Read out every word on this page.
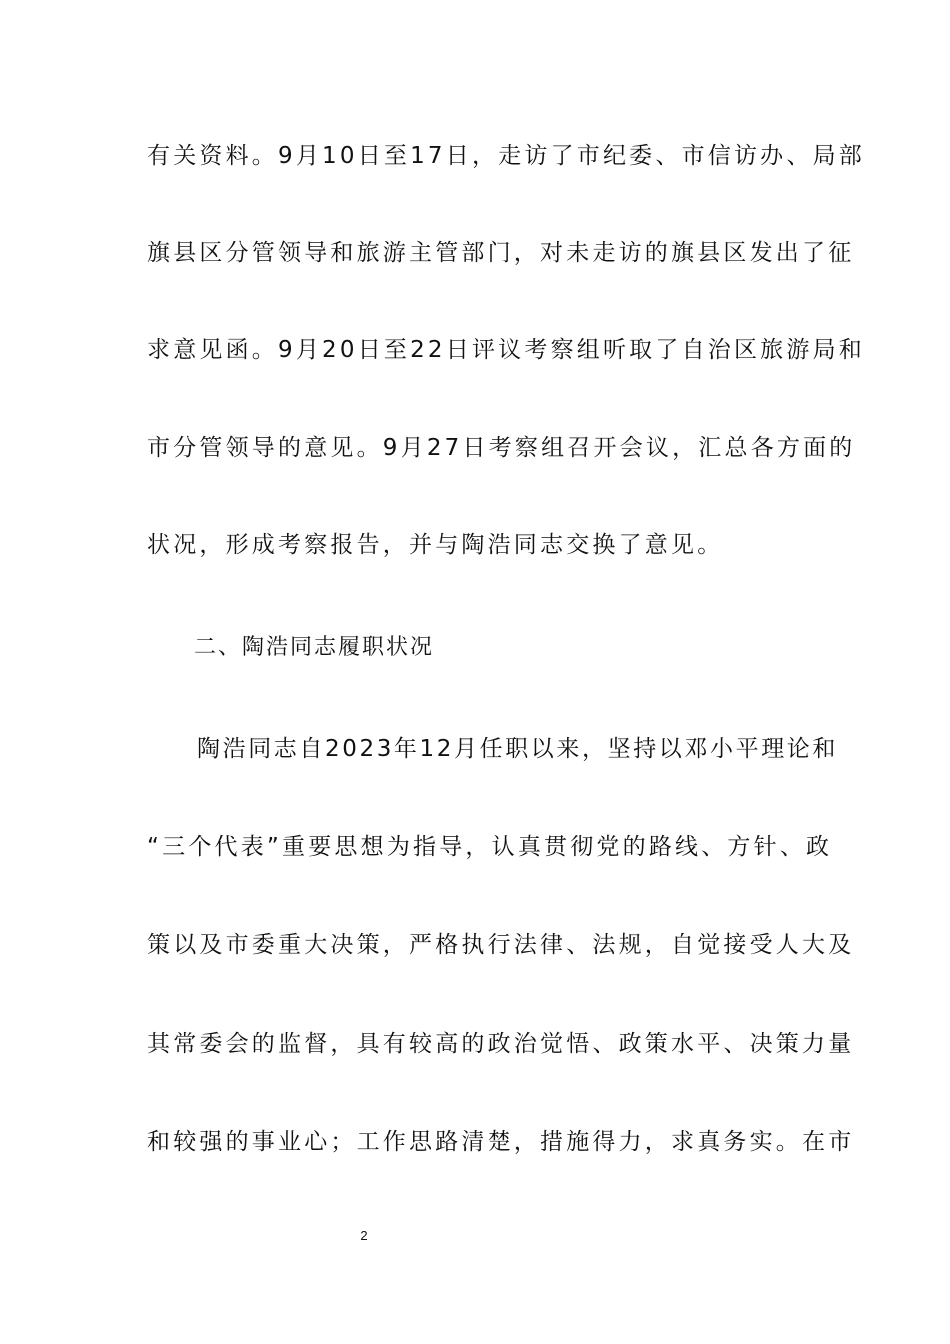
有关资料。9月10日至17日，走访了市纪委、市信访办、局部
旗县区分管领导和旅游主管部门，对未走访的旗县区发出了征
求意见函。9月20日至22日评议考察组听取了自治区旅游局和
市分管领导的意见。9月27日考察组召开会议，汇总各方面的
状况，形成考察报告，并与陶浩同志交换了意见。
二、陶浩同志履职状况
陶浩同志自2023年12月任职以来，坚持以邓小平理论和
“三个代表”重要思想为指导，认真贯彻党的路线、方针、政
策以及市委重大决策，严格执行法律、法规，自觉接受人大及
其常委会的监督，具有较高的政治觉悟、政策水平、决策力量
和较强的事业心；工作思路清楚，措施得力，求真务实。在市
2
